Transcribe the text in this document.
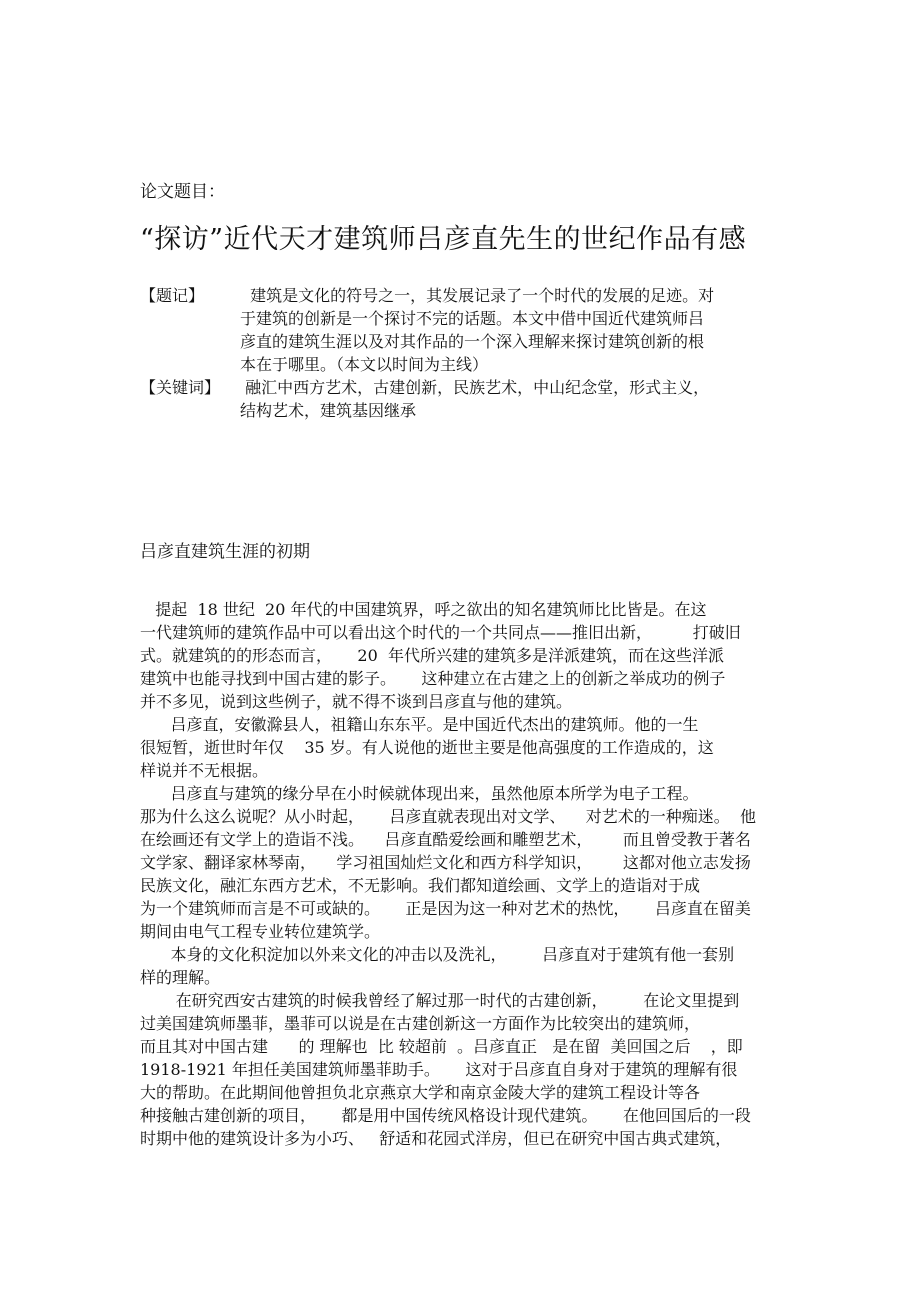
论文题目：
“探访”近代天才建筑师吕彦直先生的世纪作品有感
【题记】 建筑是文化的符号之一，其发展记录了一个时代的发展的足迹。对
于建筑的创新是一个探讨不完的话题。本文中借中国近代建筑师吕
彦直的建筑生涯以及对其作品的一个深入理解来探讨建筑创新的根
本在于哪里。（本文以时间为主线）
【关键词】 融汇中西方艺术，古建创新，民族艺术，中山纪念堂，形式主义，
结构艺术，建筑基因继承
吕彦直建筑生涯的初期
提起  18 世纪  20 年代的中国建筑界，呼之欲出的知名建筑师比比皆是。在这
一代建筑师的建筑作品中可以看出这个时代的一个共同点——推旧出新，        打破旧
式。就建筑的的形态而言，     20  年代所兴建的建筑多是洋派建筑，而在这些洋派
建筑中也能寻找到中国古建的影子。     这种建立在古建之上的创新之举成功的例子
并不多见，说到这些例子，就不得不谈到吕彦直与他的建筑。
吕彦直，安徽滁县人，祖籍山东东平。是中国近代杰出的建筑师。他的一生
很短暂，逝世时年仅    35 岁。有人说他的逝世主要是他高强度的工作造成的，这
样说并不无根据。
吕彦直与建筑的缘分早在小时候就体现出来，虽然他原本所学为电子工程。
那为什么这么说呢？从小时起，     吕彦直就表现出对文学、    对艺术的一种痴迷。  他
在绘画还有文学上的造诣不浅。    吕彦直酷爱绘画和雕塑艺术，      而且曾受教于著名
文学家、翻译家林琴南，    学习祖国灿烂文化和西方科学知识，      这都对他立志发扬
民族文化，融汇东西方艺术，不无影响。我们都知道绘画、文学上的造诣对于成
为一个建筑师而言是不可或缺的。     正是因为这一种对艺术的热忱，     吕彦直在留美
期间由电气工程专业转位建筑学。
本身的文化积淀加以外来文化的冲击以及洗礼，       吕彦直对于建筑有他一套别
样的理解。
在研究西安古建筑的时候我曾经了解过那一时代的古建创新，       在论文里提到
过美国建筑师墨菲，墨菲可以说是在古建创新这一方面作为比较突出的建筑师，
而且其对中国古建      的 理解也  比 较超前  。吕彦直正   是在留  美回国之后    ，即
1918-1921 年担任美国建筑师墨菲助手。     这对于吕彦直自身对于建筑的理解有很
大的帮助。在此期间他曾担负北京燕京大学和南京金陵大学的建筑工程设计等各
种接触古建创新的项目，     都是用中国传统风格设计现代建筑。     在他回国后的一段
时期中他的建筑设计多为小巧、   舒适和花园式洋房，但已在研究中国古典式建筑，
